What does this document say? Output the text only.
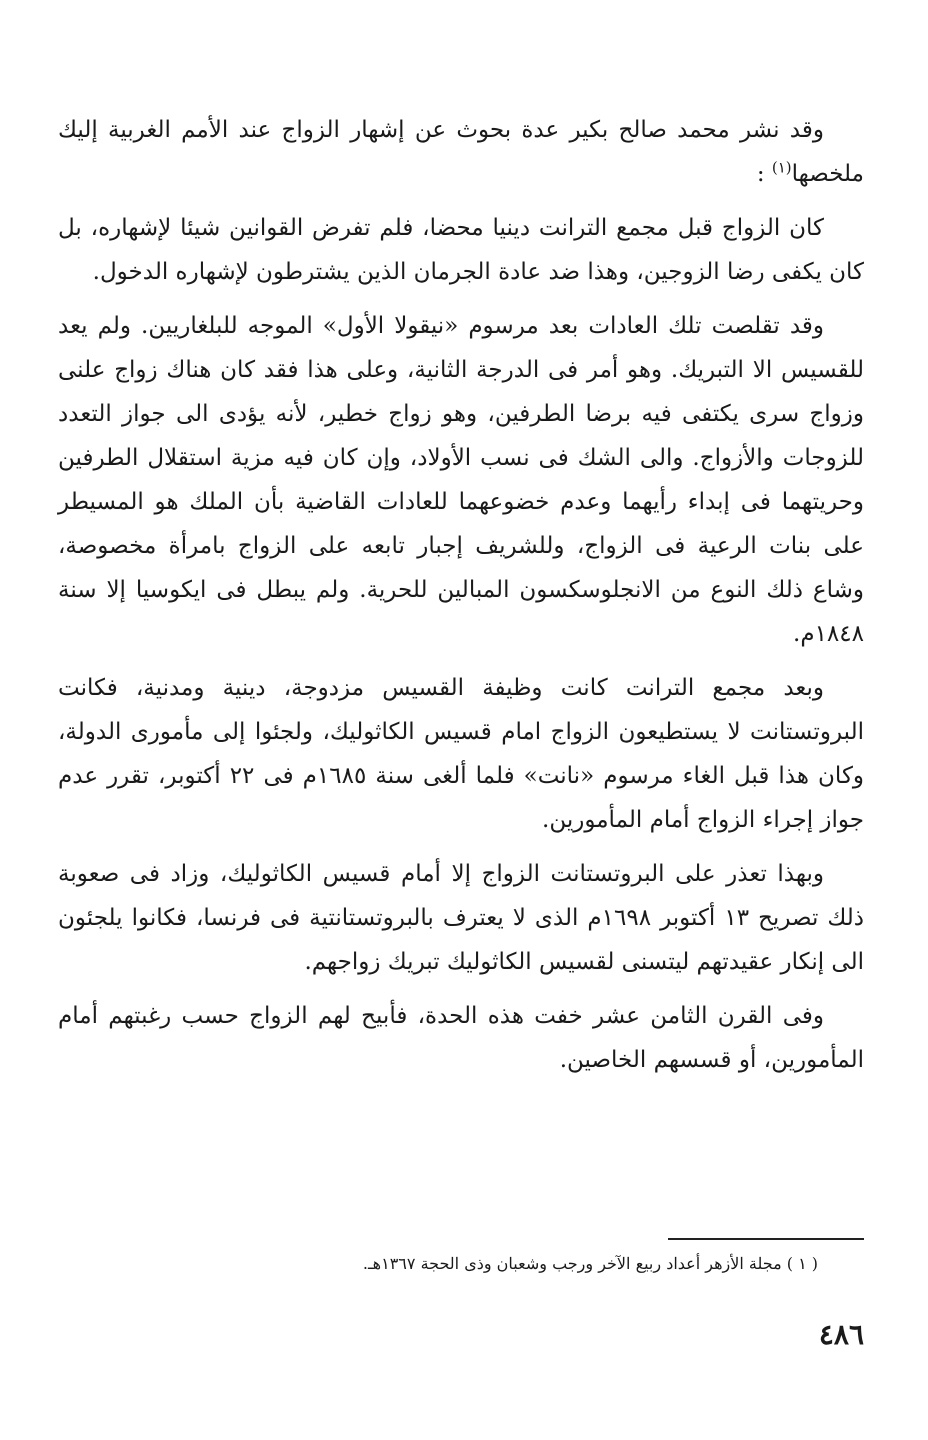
وقد نشر محمد صالح بكير عدة بحوث عن إشهار الزواج عند الأمم الغربية إليك ملخصها$^{(١)}$ :

كان الزواج قبل مجمع الترانت دينيا محضا، فلم تفرض القوانين شيئا لإشهاره، بل كان يكفى رضا الزوجين، وهذا ضد عادة الجرمان الذين يشترطون لإشهاره الدخول.

وقد تقلصت تلك العادات بعد مرسوم «نيقولا الأول» الموجه للبلغاريين. ولم يعد للقسيس الا التبريك. وهو أمر فى الدرجة الثانية، وعلى هذا فقد كان هناك زواج علنى وزواج سرى يكتفى فيه برضا الطرفين، وهو زواج خطير، لأنه يؤدى الى جواز التعدد للزوجات والأزواج. والى الشك فى نسب الأولاد، وإن كان فيه مزية استقلال الطرفين وحريتهما فى إبداء رأيهما وعدم خضوعهما للعادات القاضية بأن الملك هو المسيطر على بنات الرعية فى الزواج، وللشريف إجبار تابعه على الزواج بامرأة مخصوصة، وشاع ذلك النوع من الانجلوسكسون المبالين للحرية. ولم يبطل فى ايكوسيا إلا سنة ١٨٤٨م.

وبعد مجمع الترانت كانت وظيفة القسيس مزدوجة، دينية ومدنية، فكانت البروتستانت لا يستطيعون الزواج امام قسيس الكاثوليك، ولجئوا إلى مأمورى الدولة، وكان هذا قبل الغاء مرسوم «نانت» فلما ألغى سنة ١٦٨٥م فى ٢٢ أكتوبر، تقرر عدم جواز إجراء الزواج أمام المأمورين.

وبهذا تعذر على البروتستانت الزواج إلا أمام قسيس الكاثوليك، وزاد فى صعوبة ذلك تصريح ١٣ أكتوبر ١٦٩٨م الذى لا يعترف بالبروتستانتية فى فرنسا، فكانوا يلجئون الى إنكار عقيدتهم ليتسنى لقسيس الكاثوليك تبريك زواجهم.

وفى القرن الثامن عشر خفت هذه الحدة، فأبيح لهم الزواج حسب رغبتهم أمام المأمورين، أو قسسهم الخاصين.

( ١ ) مجلة الأزهر أعداد ربيع الآخر ورجب وشعبان وذى الحجة ١٣٦٧هـ.
٤٨٦
